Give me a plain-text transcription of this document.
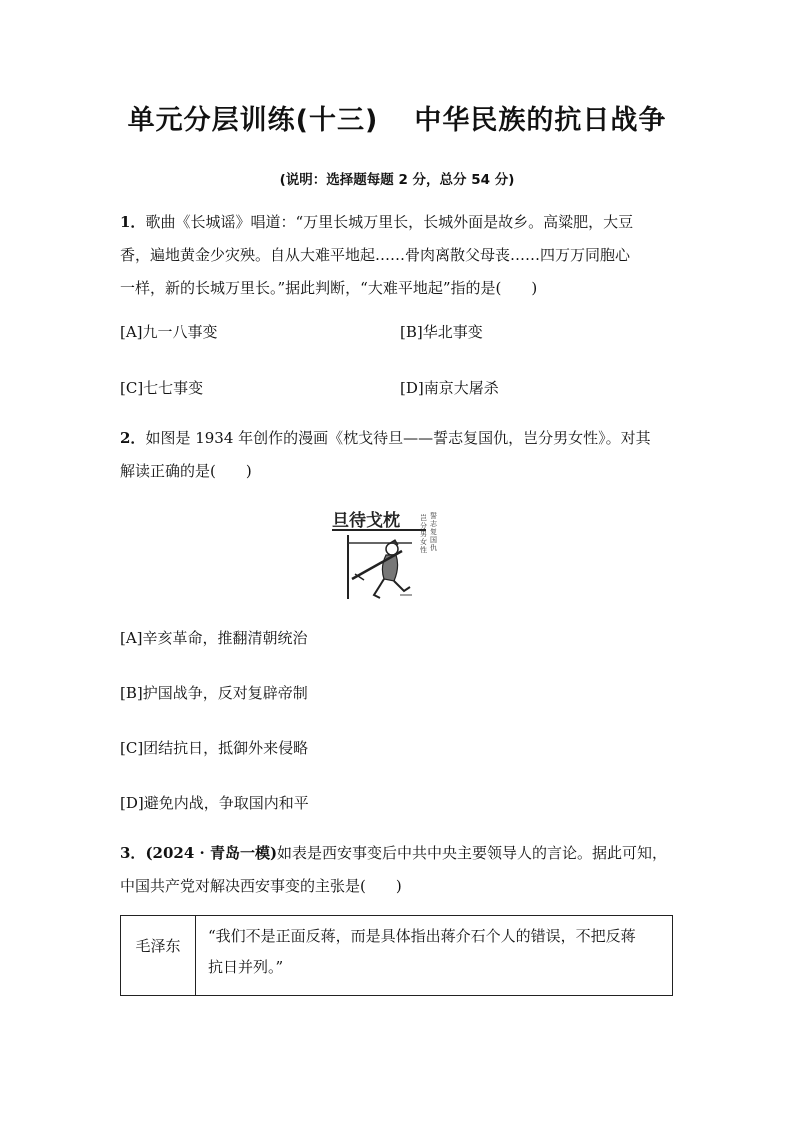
单元分层训练(十三) 中华民族的抗日战争
(说明：选择题每题 2 分，总分 54 分)
1．歌曲《长城谣》唱道：“万里长城万里长，长城外面是故乡。高粱肥，大豆
香，遍地黄金少灾殃。自从大难平地起……骨肉离散父母丧……四万万同胞心
一样，新的长城万里长。”据此判断，“大难平地起”指的是(　　)
[A]九一八事变	[B]华北事变
[C]七七事变	[D]南京大屠杀
2．如图是 1934 年创作的漫画《枕戈待旦——誓志复国仇，岂分男女性》。对其
解读正确的是(　　)
旦待戈枕	誓志复国仇 岂分男女性
[A]辛亥革命，推翻清朝统治
[B]护国战争，反对复辟帝制
[C]团结抗日，抵御外来侵略
[D]避免内战，争取国内和平
3．(2024 · 青岛一模)如表是西安事变后中共中央主要领导人的言论。据此可知，
中国共产党对解决西安事变的主张是(　　)
毛泽东	
“我们不是正面反蒋，而是具体指出蒋介石个人的错误，不把反蒋
抗日并列。”
